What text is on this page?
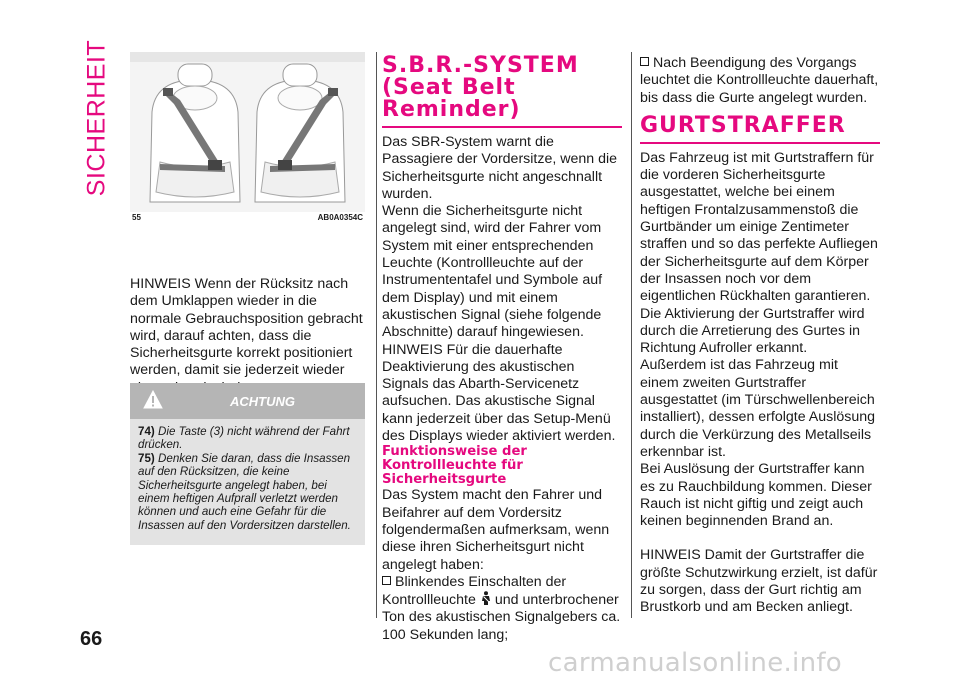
SICHERHEIT
66
55	AB0A0354C

HINWEIS Wenn der Rücksitz nach dem Umklappen wieder in die normale Gebrauchsposition gebracht wird, darauf achten, dass die Sicherheitsgurte korrekt positioniert werden, damit sie jederzeit wieder

ACHTUNG

74) Die Taste (3) nicht während der Fahrt drücken.

75) Denken Sie daran, dass die Insassen auf den Rücksitzen, die keine Sicherheitsgurte angelegt haben, bei einem heftigen Aufprall verletzt werden können und auch eine Gefahr für die Insassen auf den Vordersitzen darstellen.

S.B.R.-SYSTEM (Seat Belt Reminder)

Das SBR-System warnt die Passagiere der Vordersitze, wenn die Sicherheitsgurte nicht angeschnallt wurden.

Wenn die Sicherheitsgurte nicht angelegt sind, wird der Fahrer vom System mit einer entsprechenden Leuchte (Kontrollleuchte auf der Instrumententafel und Symbole auf dem Display) und mit einem akustischen Signal (siehe folgende Abschnitte) darauf hingewiesen.

HINWEIS Für die dauerhafte Deaktivierung des akustischen Signals das Abarth-Servicenetz aufsuchen. Das akustische Signal kann jederzeit über das Setup-Menü des Displays wieder aktiviert werden.

Funktionsweise der Kontrollleuchte für Sicherheitsgurte

Das System macht den Fahrer und Beifahrer auf dem Vordersitz folgendermaßen aufmerksam, wenn diese ihren Sicherheitsgurt nicht angelegt haben:

Blinkendes Einschalten der Kontrollleuchte und unterbrochener Ton des akustischen Signalgebers ca. 100 Sekunden lang;

Nach Beendigung des Vorgangs leuchtet die Kontrollleuchte dauerhaft, bis dass die Gurte angelegt wurden.

GURTSTRAFFER

Das Fahrzeug ist mit Gurtstraffern für die vorderen Sicherheitsgurte ausgestattet, welche bei einem heftigen Frontalzusammenstoß die Gurtbänder um einige Zentimeter straffen und so das perfekte Aufliegen der Sicherheitsgurte auf dem Körper der Insassen noch vor dem eigentlichen Rückhalten garantieren.

Die Aktivierung der Gurtstraffer wird durch die Arretierung des Gurtes in Richtung Aufroller erkannt.

Außerdem ist das Fahrzeug mit einem zweiten Gurtstraffer ausgestattet (im Türschwellenbereich installiert), dessen erfolgte Auslösung durch die Verkürzung des Metallseils erkennbar ist.

Bei Auslösung der Gurtstraffer kann es zu Rauchbildung kommen. Dieser Rauch ist nicht giftig und zeigt auch keinen beginnenden Brand an.

HINWEIS Damit der Gurtstraffer die größte Schutzwirkung erzielt, ist dafür zu sorgen, dass der Gurt richtig am Brustkorb und am Becken anliegt.

carmanualsonline.info
